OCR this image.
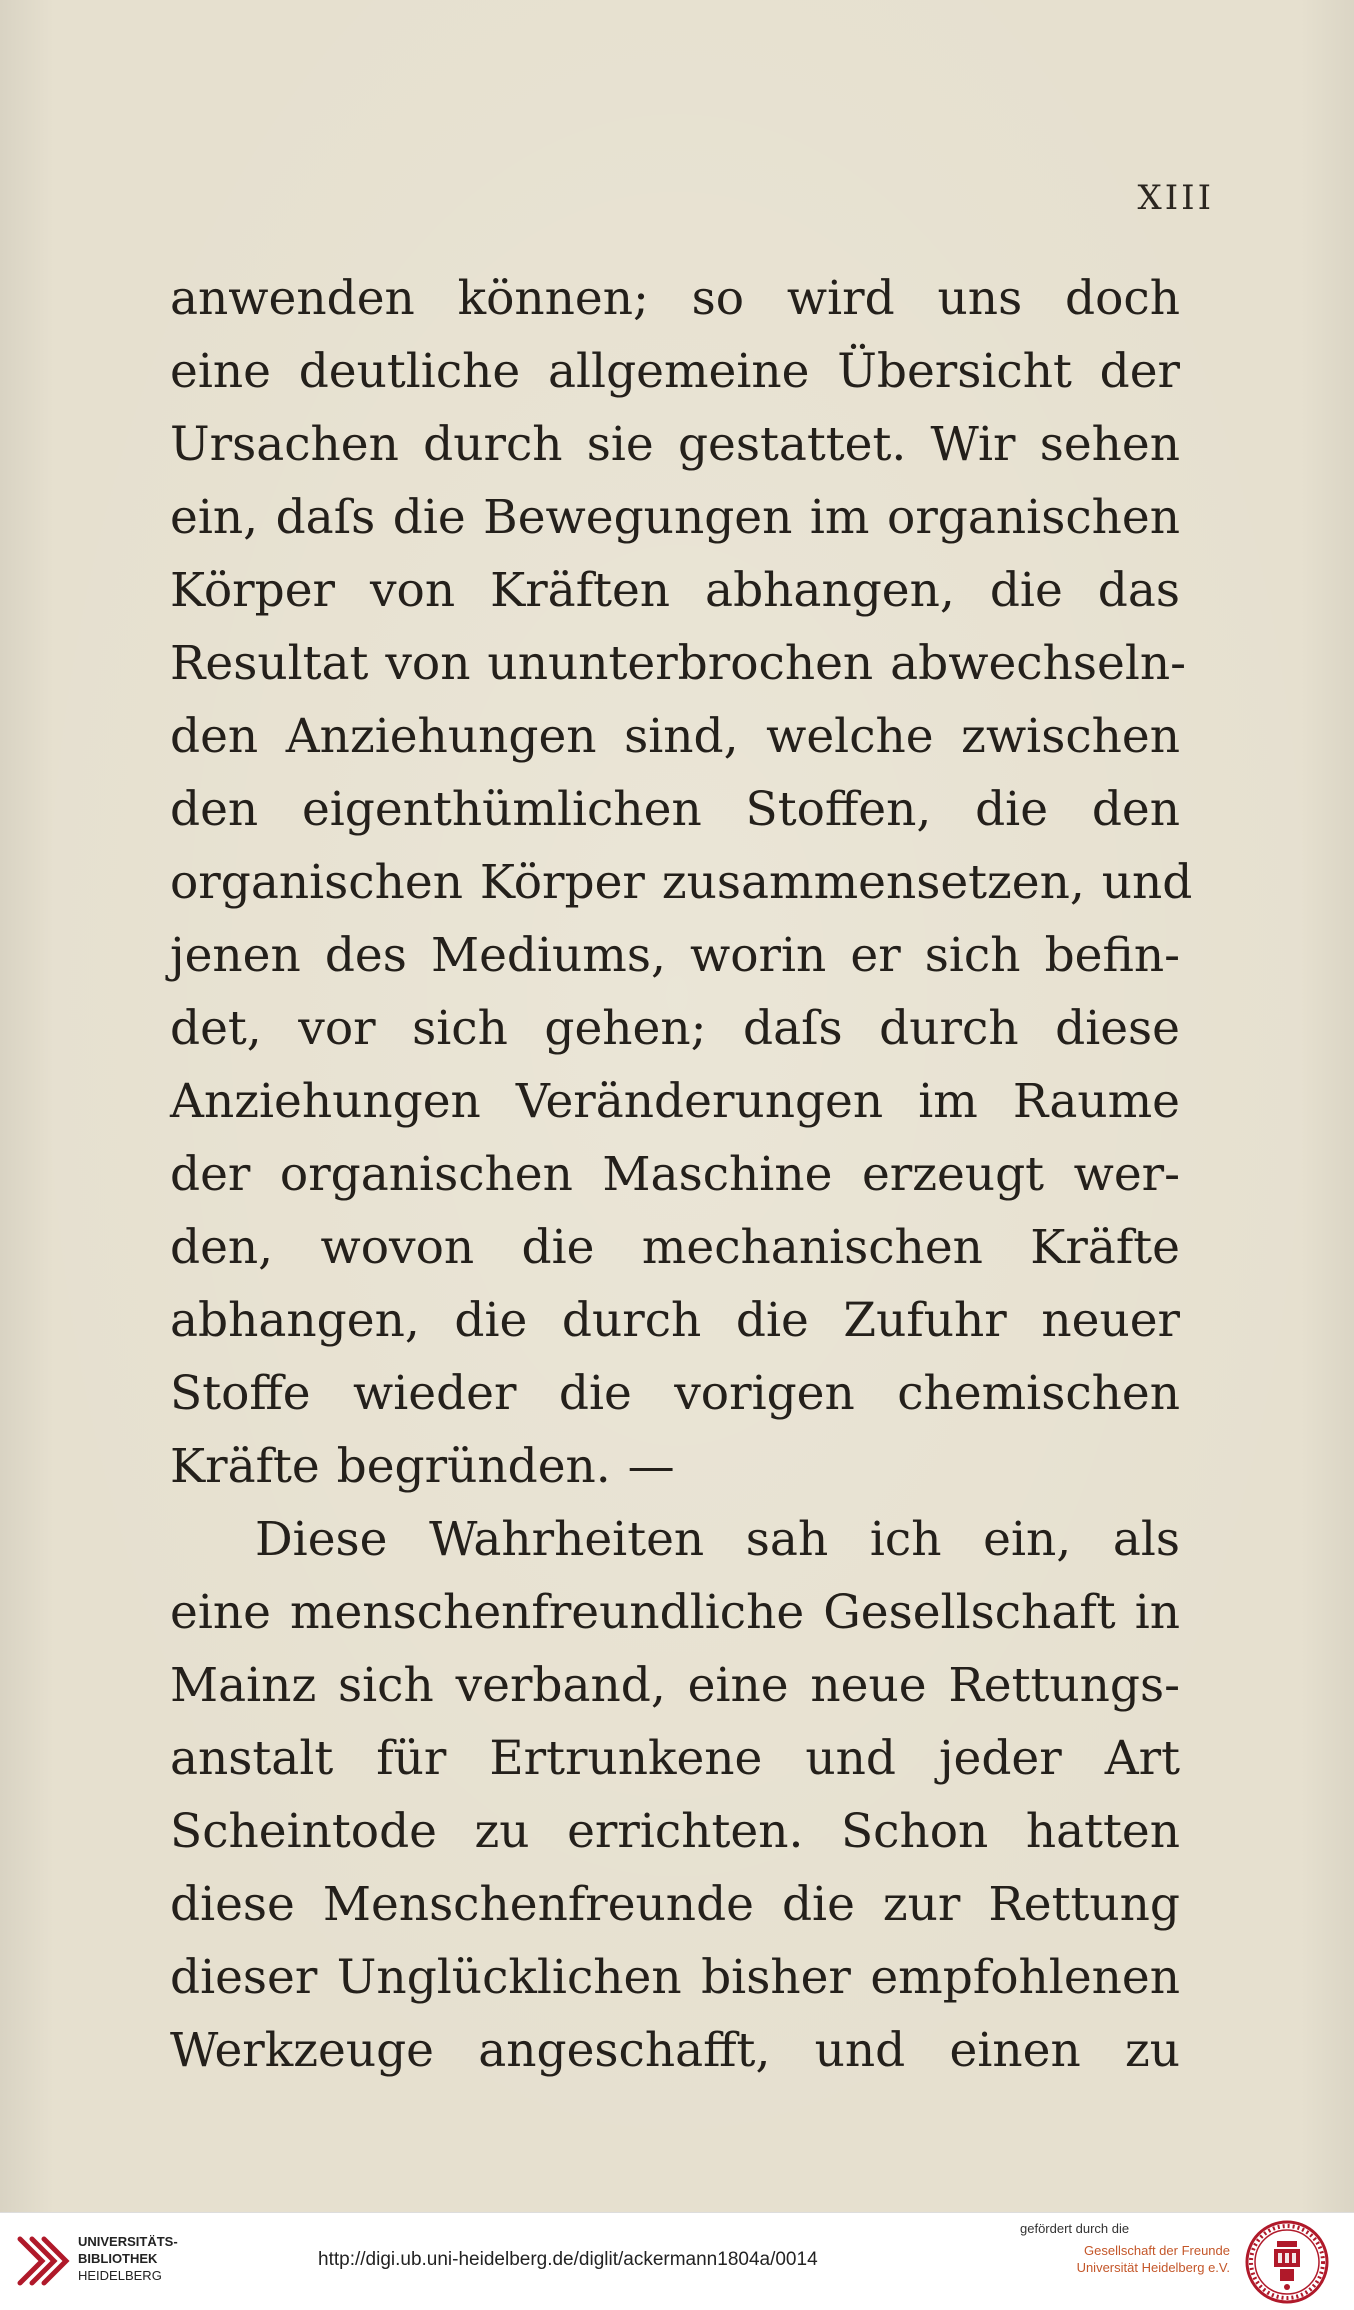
XIII
anwenden können; so wird uns doch
eine deutliche allgemeine Übersicht der
Ursachen durch sie gestattet. Wir sehen
ein, daſs die Bewegungen im organischen
Körper von Kräften abhangen, die das
Resultat von ununterbrochen abwechseln-
den Anziehungen sind, welche zwischen
den eigenthümlichen Stoffen, die den
organischen Körper zusammensetzen, und
jenen des Mediums, worin er sich befin-
det, vor sich gehen; daſs durch diese
Anziehungen Veränderungen im Raume
der organischen Maschine erzeugt wer-
den, wovon die mechanischen Kräfte
abhangen, die durch die Zufuhr neuer
Stoffe wieder die vorigen chemischen
Kräfte begründen. —
Diese Wahrheiten sah ich ein, als
eine menschenfreundliche Gesellschaft in
Mainz sich verband, eine neue Rettungs-
anstalt für Ertrunkene und jeder Art
Scheintode zu errichten. Schon hatten
diese Menschenfreunde die zur Rettung
dieser Unglücklichen bisher empfohlenen
Werkzeuge angeschafft, und einen zu
UNIVERSITÄTS-
BIBLIOTHEK
HEIDELBERG
http://digi.ub.uni-heidelberg.de/diglit/ackermann1804a/0014
gefördert durch die
Gesellschaft der Freunde
Universität Heidelberg e.V.
